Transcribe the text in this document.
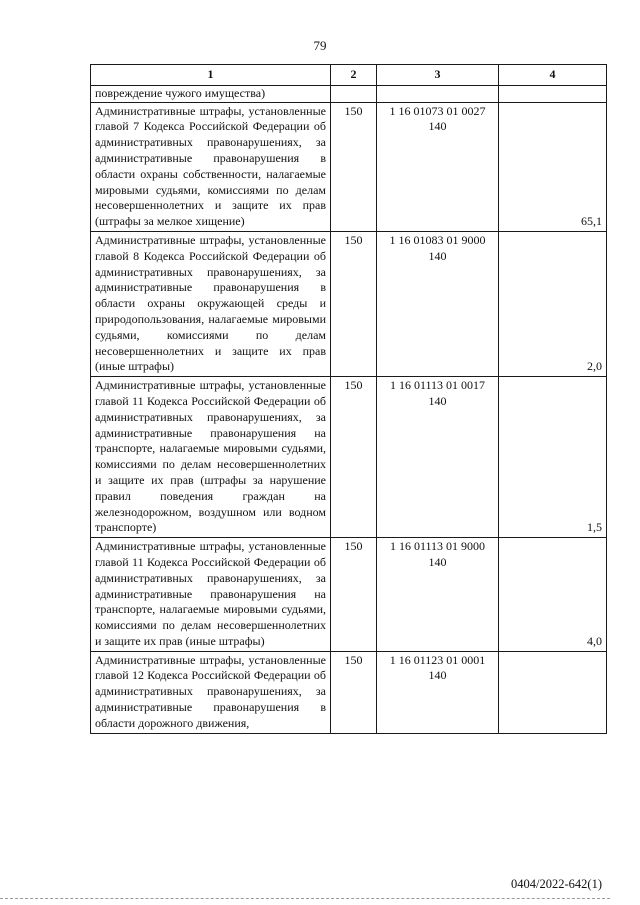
79
1	2	3	4
повреждение чужого имущества)			
Административные штрафы, установленные главой 7 Кодекса Российской Федерации об административных правонарушениях, за административные правонарушения в области охраны собственности, налагаемые мировыми судьями, комиссиями по делам несовершеннолетних и защите их прав (штрафы за мелкое хищение)	150	1 16 01073 01 0027 140	65,1
Административные штрафы, установленные главой 8 Кодекса Российской Федерации об административных правонарушениях, за административные правонарушения в области охраны окружающей среды и природопользования, налагаемые мировыми судьями, комиссиями по делам несовершеннолетних и защите их прав (иные штрафы)	150	1 16 01083 01 9000 140	2,0
Административные штрафы, установленные главой 11 Кодекса Российской Федерации об административных правонарушениях, за административные правонарушения на транспорте, налагаемые мировыми судьями, комиссиями по делам несовершеннолетних и защите их прав (штрафы за нарушение правил поведения граждан на железнодорожном, воздушном или водном транспорте)	150	1 16 01113 01 0017 140	1,5
Административные штрафы, установленные главой 11 Кодекса Российской Федерации об административных правонарушениях, за административные правонарушения на транспорте, налагаемые мировыми судьями, комиссиями по делам несовершеннолетних и защите их прав (иные штрафы)	150	1 16 01113 01 9000 140	4,0
Административные штрафы, установленные главой 12 Кодекса Российской Федерации об административных правонарушениях, за административные правонарушения в области дорожного движения,	150	1 16 01123 01 0001 140	
0404/2022-642(1)
